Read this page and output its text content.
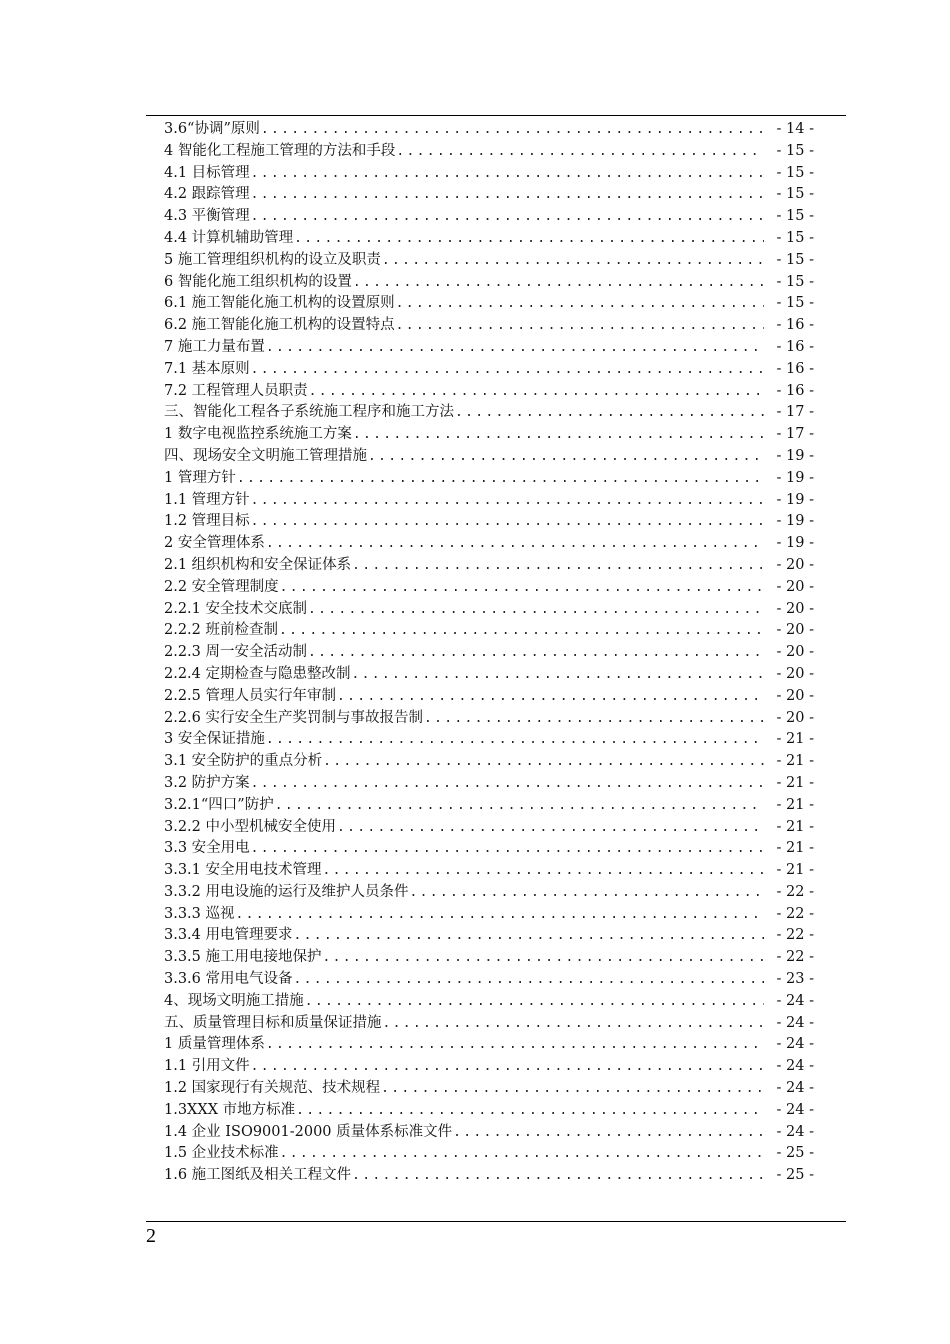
3.6“协调”原则 .....	- 14 -
4 智能化工程施工管理的方法和手段 .....	- 15 -
4.1 目标管理 .....	- 15 -
4.2 跟踪管理 .....	- 15 -
4.3 平衡管理 .....	- 15 -
4.4 计算机辅助管理 .....	- 15 -
5 施工管理组织机构的设立及职责 .....	- 15 -
6 智能化施工组织机构的设置 .....	- 15 -
6.1 施工智能化施工机构的设置原则 .....	- 15 -
6.2 施工智能化施工机构的设置特点 .....	- 16 -
7 施工力量布置 .....	- 16 -
7.1 基本原则 .....	- 16 -
7.2 工程管理人员职责 .....	- 16 -
三、智能化工程各子系统施工程序和施工方法 .....	- 17 -
1 数字电视监控系统施工方案 .....	- 17 -
四、现场安全文明施工管理措施 .....	- 19 -
1 管理方针 .....	- 19 -
1.1 管理方针 .....	- 19 -
1.2 管理目标 .....	- 19 -
2 安全管理体系 .....	- 19 -
2.1 组织机构和安全保证体系 .....	- 20 -
2.2 安全管理制度 .....	- 20 -
2.2.1 安全技术交底制 .....	- 20 -
2.2.2 班前检查制 .....	- 20 -
2.2.3 周一安全活动制 .....	- 20 -
2.2.4 定期检查与隐患整改制 .....	- 20 -
2.2.5 管理人员实行年审制 .....	- 20 -
2.2.6 实行安全生产奖罚制与事故报告制 .....	- 20 -
3 安全保证措施 .....	- 21 -
3.1 安全防护的重点分析 .....	- 21 -
3.2 防护方案 .....	- 21 -
3.2.1“四口”防护 .....	- 21 -
3.2.2 中小型机械安全使用 .....	- 21 -
3.3 安全用电 .....	- 21 -
3.3.1 安全用电技术管理 .....	- 21 -
3.3.2 用电设施的运行及维护人员条件 .....	- 22 -
3.3.3 巡视 .....	- 22 -
3.3.4 用电管理要求 .....	- 22 -
3.3.5 施工用电接地保护 .....	- 22 -
3.3.6 常用电气设备 .....	- 23 -
4、现场文明施工措施 .....	- 24 -
五、质量管理目标和质量保证措施 .....	- 24 -
1 质量管理体系 .....	- 24 -
1.1 引用文件 .....	- 24 -
1.2 国家现行有关规范、技术规程 .....	- 24 -
1.3XXX 市地方标准 .....	- 24 -
1.4 企业 ISO9001-2000 质量体系标准文件 .....	- 24 -
1.5 企业技术标准 .....	- 25 -
1.6 施工图纸及相关工程文件 .....	- 25 -
2
